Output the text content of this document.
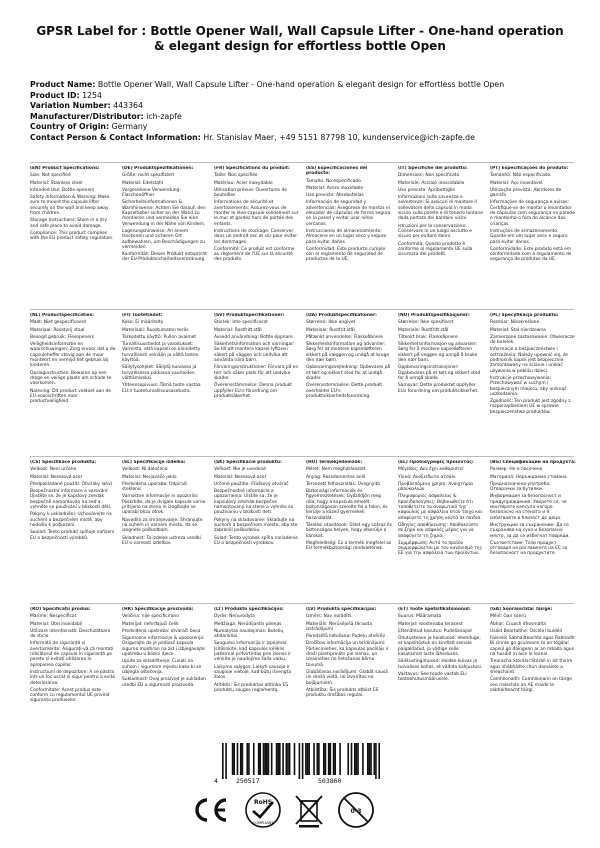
GPSR Label for : Bottle Opener Wall, Wall Capsule Lifter - One-hand operation & elegant design for effortless bottle Open
Product Name: Bottle Opener Wall, Wall Capsule Lifter - One-hand operation & elegant design for effortless bottle Open
Product ID: 1254
Variation Number: 443364
Manufacturer/Distributor: ich-zapfe
Country of Origin: Germany
Contact Person & Contact Information: Hr. Stanislav Maer, +49 5151 87798 10, kundenservice@ich-zapfe.de

(EN) Product Specifications:

Size: Not specified

Material: Stainless steel

Intended Use: Bottle openers

Safety information & Warning: Make sure to mount the capsule lifter securely on the wall and keep away from children.

Storage Instructions: Store in a dry and safe place to avoid damage.

Compliance: This product complies with the EU product safety regulation.

(DE) Produktspezifikationen:

Größe: nicht spezifiziert

Material: Edelstahl

Vorgesehene Verwendung: Flaschenöffner

Sicherheitsinformationen & Warnhinweise: Achten Sie darauf, den Kapselheber sicher an der Wand zu montieren und vermeiden Sie eine Verwendung in der Nähe von Kindern.

Lagerungshinweise: An einem trockenen und sicheren Ort aufbewahren, um Beschädigungen zu vermeiden.

Konformität: Dieses Produkt entspricht der EU-Produktsicherheitsverordnung.

(FR) Spécifications du produit:

Taille: Non spécifiée

Matériau: Acier inoxydable

Utilisation prévue: Ouvertures de bouteilles

Informations de sécurité et avertissements: Assurez-vous de monter le lève-capsule solidement sur le mur et gardez hors de portée des enfants.

Instructions de stockage: Conserver dans un endroit sec et sûr pour éviter les dommages.

Conformité: Ce produit est conforme au règlement de l'UE sur la sécurité des produits.

(ES) Especificaciones del producto:

Tamaño: No especificado

Material: Acero inoxidable

Uso previsto: Abrebotellas

Información de seguridad y advertencias: Asegúrese de montar el elevador de cápsulas de forma segura en la pared y evitar usar niños cercanos.

Instrucciones de almacenamiento: Almacene en un lugar seco y seguro para evitar daños.

Conformidad: Este producto cumple con el reglamento de seguridad de productos de la UE.

(IT) Specifiche del prodotto:

Dimensioni: Non specificato

Materiale: Acciaio inossidabile

Uso previsto: Apribottiglie

Informazioni sulla sicurezza e avvertenze: Si assicuri di montare il sollevatore della capsula in modo sicuro sulla parete e di tenerlo lontano dalla portata dei bambini vicini.

Istruzioni per la conservazione: Conservare in un luogo asciutto e sicuro per evitare danni.

Conformità: Questo prodotto è conforme al regolamento UE sulla sicurezza dei prodotti.

(PT) Especificações do produto:

Tamanho: Não especificado

Material: Aço inoxidável

Utilização prevista: Abridores de garrafa

Informações de segurança e avisos: Certifique-se de montar o levantador de cápsulas com segurança na parede e mantenha-o fora do alcance das crianças.

Instruções de armazenamento: Guarde em um lugar seco e seguro para evitar danos.

Conformidade: Este produto está em conformidade com o regulamento de segurança de produtos da UE.

(NL) Productspecificaties:

Maat: Niet gespecificeerd

Materiaal: Roestvrij staal

Beoogd gebruik: Flesopeners

Veiligheidsinformatie en waarschuwingen: Zorg ervoor dat u de capsuleheffer stevig aan de muur monteert en vermijd het gebruik bij kinderen.

Opslaginstructies: Bewaren op een droge en veilige plaats om schade te voorkomen.

Naleving: Dit product voldoet aan de EU-voorschriften voor productveiligheid.

(FI) Tuotetiedot:

Koko: Ei määritelty

Materiaali: Ruostumaton teräs

Tarkoitettu käyttö: Pullon avaimet

Turvallisuustiedot ja varoitukset: Varmista, että kapseli on kiinnitetty turvallisesti seinään ja vältä lasten käyttöä.

Säilytysohjeet: Säilytä kuivassa ja turvallisessa paikassa vaurioiden välttämiseksi.

Yhteensopivuus: Tämä tuote vastaa EU:n tuoteturvallisuusasetusta.

(SV) Produktspecifikationer:

Storlek: Inte specificerat

Material: Rostfritt stål

Avsedd användning: Bottle öppnare

Säkerhetsinformation och varningar: Se till att montera kapsel-lyftaren säkert på väggen och undvika att använda nära barn.

Förvaringsinstruktioner: Förvara på en torr och säker plats för att undvika skador.

Överensstämmelse: Denna produkt uppfyller EU:s förordning om produktsäkerhet.

(DA) Produktspecifikationer:

Størrelse: Ikke angivet

Materiale: Rustfrit stål

Påtænkt anvendelse: Flaskeåbnere

Sikkerhedsinformation og advarsler: Sørg for at montere kapselløfteren sikkert på væggen og undgå at bruge den nær børn.

Opbevaringsvejledning: Opbevares på et tørt og sikkert sted for at undgå skader.

Overensstemmelse: Dette produkt overholder EU's produktsikkerhedsforordning.

(NO) Produktspesifikasjoner:

Størrelse: Ikke spesifisert

Materiale: Rustfritt stål

Tiltenkt bruk: Flaskeåpnere

Sikkerhetsinformasjon og advarsler: Sørg for å montere kapselløfteren sikkert på veggen og unngå å bruke den nær barn.

Oppbevaringsinstruksjoner: Oppbevares på et tørt og sikkert sted for å unngå skade.

Samsvar: Dette produktet oppfyller EUs forordning om produktsikkerhet.

(PL) Specyfikacja produktu:

Rozmiar: Nieokreślone

Materiał: Stal nierdzewna

Zamierzone zastosowanie: Otwieracze do butelek

Informacje o bezpieczeństwie i ostrzeżenia: Należy upewnić się, że podnośnik kapsli jest bezpiecznie zamontowany na ścianie i unikać używania w pobliżu dzieci.

Instrukcje przechowywania: Przechowywać w suchym i bezpiecznym miejscu, aby uniknąć uszkodzenia.

Zgodność: Ten produkt jest zgodny z rozporządzeniem UE w sprawie bezpieczeństwa produktów.

(CS) Specifikace produktu:

Velikost: Není určeno

Materiál: Nerezová ocel

Předpokládané použití: Otvíráky lahví

Bezpečnostní informace a varování: Ujistěte se, že je kapslový zvedák bezpečně namontován na zeď a vyhněte se používání v blízkosti dětí.

Pokyny k uskladnění: Uchovávejte na suchém a bezpečném místě, aby nedošlo k poškození.

Soulad: Tento produkt splňuje nařízení EU o bezpečnosti výrobků.

(SL) Specifikacije izdelka:

Velikost: Ni določeno

Material: Nerjaveče jeklo

Predvidena uporaba: Odpirači steklenic

Varnostne informacije in opozorila: Poskrbite, da je dvigalo kapsule varno pritrjeno na steno in izogibajte se uporabi blizu otrok.

Navodila za shranjevanje: Shranjujte na suhem in varnem mestu, da se izognete poškodbam.

Skladnost: Ta izdelek ustreza uredbi EU o varnosti izdelkov.

(SK) Špecifikácie produktu:

Veľkosť: Nie je uvedené

Materiál: Nerezová oceľ

Určené použitie: Fľaškový otvárač

Bezpečnostné informácie a upozornenia: Uistite sa, že je kapsulový zdvihák bezpečne namontovaný na stene a vyhnite sa používaniu v blízkosti detí.

Pokyny na skladovanie: Skladujte na suchom a bezpečnom mieste, aby ste zabránili poškodeniu.

Súlad: Tento výrobok spĺňa nariadenie EÚ o bezpečnosti výrobkov.

(HU) Termékjellemzők:

Méret: Nem meghatározott

Anyag: Rozsdamentes acél

Tervezett felhasználás: Üvegnyitó

Biztonsági információk és figyelmeztetések: Győződjön meg róla, hogy a kapszula emelőt biztonságosan szerelte fel a falon, és kerülje a közeli gyermekek használatát.

Tárolási utasítások: Üzlet egy száraz és biztonságos helyen, hogy elkerülje a károkat.

Megfelelőség: Ez a termék megfelel az EU termékbiztonsági rendeletének.

(EL) Προδιαγραφές προϊόντος:

Μέγεθος: Δεν έχει καθοριστεί

Υλικό: Ανοξείδωτο ατσάλι

Προβλεπόμενη χρήση: Ανοιχτήρια μπουκαλιών

Πληροφορίες ασφαλείας & προειδοποιήσεις: Βεβαιωθείτε ότι τοποθετείτε το ανυψωτικό της κάψουλας με ασφάλεια στον τοίχο και αποφύγετε τη χρήση κοντά σε παιδιά.

Οδηγίες αποθήκευσης: Αποθηκεύστε σε ξηρό και ασφαλές μέρος για να αποφύγετε τη ζημιά.

Συμμόρφωση: Αυτό το προϊόν συμμορφώνεται με τον κανονισμό της ΕΕ για την ασφάλεια των προϊόντων.

(BG) Спецификации на продукта:

Размер: Не е посочено

Материал: Неръждаема стомана

Предназначена употреба: Отварачки за бутилки

Информация за безопасност и предупреждения: Уверете се, че монтирате капсула нагоре безопасно на стената и я избягвайте в близост до деца.

Инструкции за съхранение: Да се съхранява на сухо и безопасно място, за да се избегнат повреди.

Съответствие: Този продукт отговаря на регламента на ЕС за безопасност на продуктите.

(RO) Specificații produs:

Mărime: Nespecificat

Material: Oțel inoxidabil

Utilizare intenționată: Deschizătoare de sticle

Informații de siguranță și avertismente: Asigurați-vă că montați ridicătorul de capsule în siguranță pe perete și evitați utilizarea în apropierea copiilor.

Instrucțiuni de depozitare: A se păstra într-un loc uscat și sigur pentru a evita deteriorarea.

Conformitate: Acest produs este conform cu regulamentul UE privind siguranța produselor.

(HR) Specifikacije proizvoda:

Veličina: nije specificirano

Materijal: nehrđajući čelik

Predviđena upotreba: otvarači boca

Sigurnosne informacije & upozorenja: Osigurajte da je podizač kapsula sigurno montiran na zid i izbjegavajte upotrebu u blizini djece.

Upute za skladištenje: Čuvati na suhom i sigurnom mjestu kako bi se izbjegla oštećenja.

Sukladnost: Ovaj proizvod je sukladan uredbi EU o sigurnosti proizvoda.

(LT) Produkto specifikacijos:

Dydis: Nenurodyta

Medžiaga: Nerūdijantis plienas

Numatytas naudojimas: Butelių atidarikliai

Saugumo informacija ir įspėjimai: Įsitikinkite, kad kapsulės kėliklis patikimai pritvirtintas prie sienos ir venkite jo naudojimo šalia vaikų.

Laikymo sąlygos: Laikyti sausoje ir saugioje vietoje, kad būtų išvengta žalos.

Atitiktis: Šis produktas atitinka ES produktų saugos reglamentą.

(LV) Produkta specifikācijas:

Izmērs: Nav norādīts

Materiāls: Nerūsējošā tērauda izstrādājumi

Paredzētā lietošana: Pudeļu atvērēji

Drošības informācija un brīdinājumi: Pārliecinieties, ka kapsulas pacēlājs ir droši piestiprināts pie sienas, un izvairieties no lietošanas bērnu tuvumā.

Glabāšanas norādījumi: Glabāt sausā un drošā vietā, lai izvairītos no bojājumiem.

Atbilstība: Šis produkts atbilst ES produktu drošības regulai.

(ET) Toote spetsifikatsioonid:

Suurus: Määramata

Materjal: roostevaba terasest

Ettenähtud kasutus: Pudeliavajad

Ohutusteave ja hoiatused: Veenduge, et kapslitõstuk on kindlalt seinale paigaldatud, ja vältige selle kasutamist laste läheduses.

Säilitustingimused: Hoidke kuivas ja turvalises kohas, et vältida kahjustusi.

Vastavus: See toode vastab ELi tooteohutusmäärusele.

(GA) Sonraíochtaí Táirge:

Méid: Gan sonrú

Ábhar: Cruach dhosmálta

Úsáid Beartaithe: Osclóirí buidéil

Faisnéis Sábháilteachta agus Rabhadh: Bí cinnte go gcuireann tú an tógálaí capsúl go daingean ar an mballa agus ná húsáid in aice le leanaí.

Treoracha Stórála: Stóráil in áit thirim agus shábháilte chun damáiste a sheachaint.

Comhlíonadh: Comhlíonann an táirge seo rialachán an AE maidir le sábháilteacht táirgí.

4	250517	503860
RoHS
COMPLIANT
0-3
